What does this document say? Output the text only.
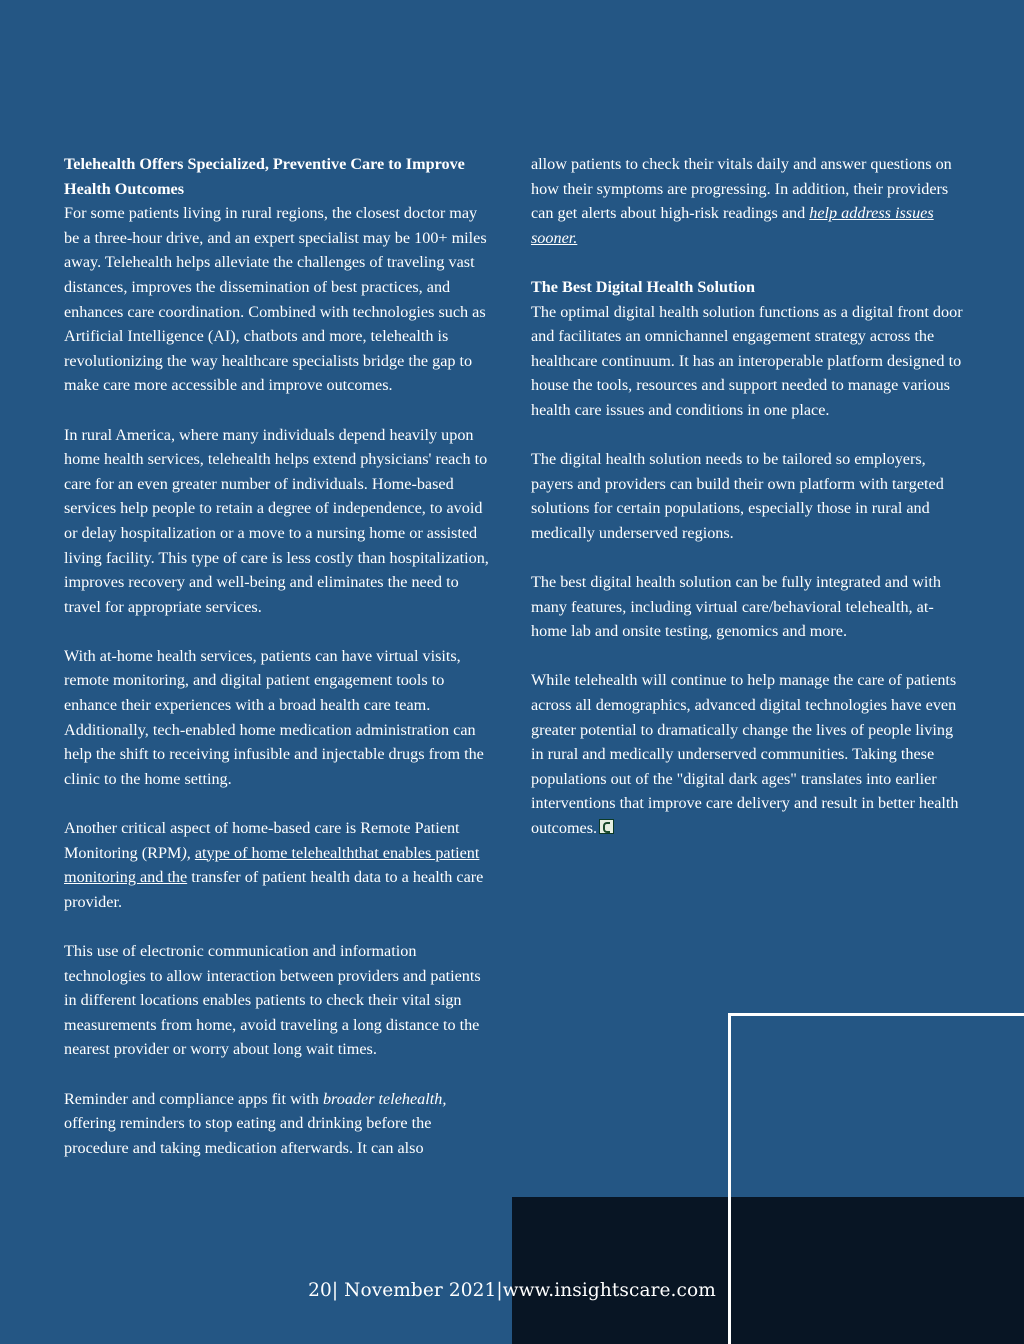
Telehealth Offers Specialized, Preventive Care to Improve Health Outcomes
For some patients living in rural regions, the closest doctor may be a three-hour drive, and an expert specialist may be 100+ miles away. Telehealth helps alleviate the challenges of traveling vast distances, improves the dissemination of best practices, and enhances care coordination. Combined with technologies such as Artificial Intelligence (AI), chatbots and more, telehealth is revolutionizing the way healthcare specialists bridge the gap to make care more accessible and improve outcomes.

In rural America, where many individuals depend heavily upon home health services, telehealth helps extend physicians' reach to care for an even greater number of individuals. Home-based services help people to retain a degree of independence, to avoid or delay hospitalization or a move to a nursing home or assisted living facility. This type of care is less costly than hospitalization, improves recovery and well-being and eliminates the need to travel for appropriate services.

With at-home health services, patients can have virtual visits, remote monitoring, and digital patient engagement tools to enhance their experiences with a broad health care team. Additionally, tech-enabled home medication administration can help the shift to receiving infusible and injectable drugs from the clinic to the home setting.

Another critical aspect of home-based care is Remote Patient Monitoring (RPM), atype of home telehealththat enables patient monitoring and the transfer of patient health data to a health care provider.

This use of electronic communication and information technologies to allow interaction between providers and patients in different locations enables patients to check their vital sign measurements from home, avoid traveling a long distance to the nearest provider or worry about long wait times.

Reminder and compliance apps fit with broader telehealth, offering reminders to stop eating and drinking before the procedure and taking medication afterwards. It can also

allow patients to check their vitals daily and answer questions on how their symptoms are progressing. In addition, their providers can get alerts about high-risk readings and help address issues sooner.

The Best Digital Health Solution
The optimal digital health solution functions as a digital front door and facilitates an omnichannel engagement strategy across the healthcare continuum. It has an interoperable platform designed to house the tools, resources and support needed to manage various health care issues and conditions in one place.

The digital health solution needs to be tailored so employers, payers and providers can build their own platform with targeted solutions for certain populations, especially those in rural and medically underserved regions.

The best digital health solution can be fully integrated and with many features, including virtual care/behavioral telehealth, at-home lab and onsite testing, genomics and more.

While telehealth will continue to help manage the care of patients across all demographics, advanced digital technologies have even greater potential to dramatically change the lives of people living in rural and medically underserved communities. Taking these populations out of the "digital dark ages" translates into earlier interventions that improve care delivery and result in better health outcomes.

20| November 2021|www.insightscare.com
